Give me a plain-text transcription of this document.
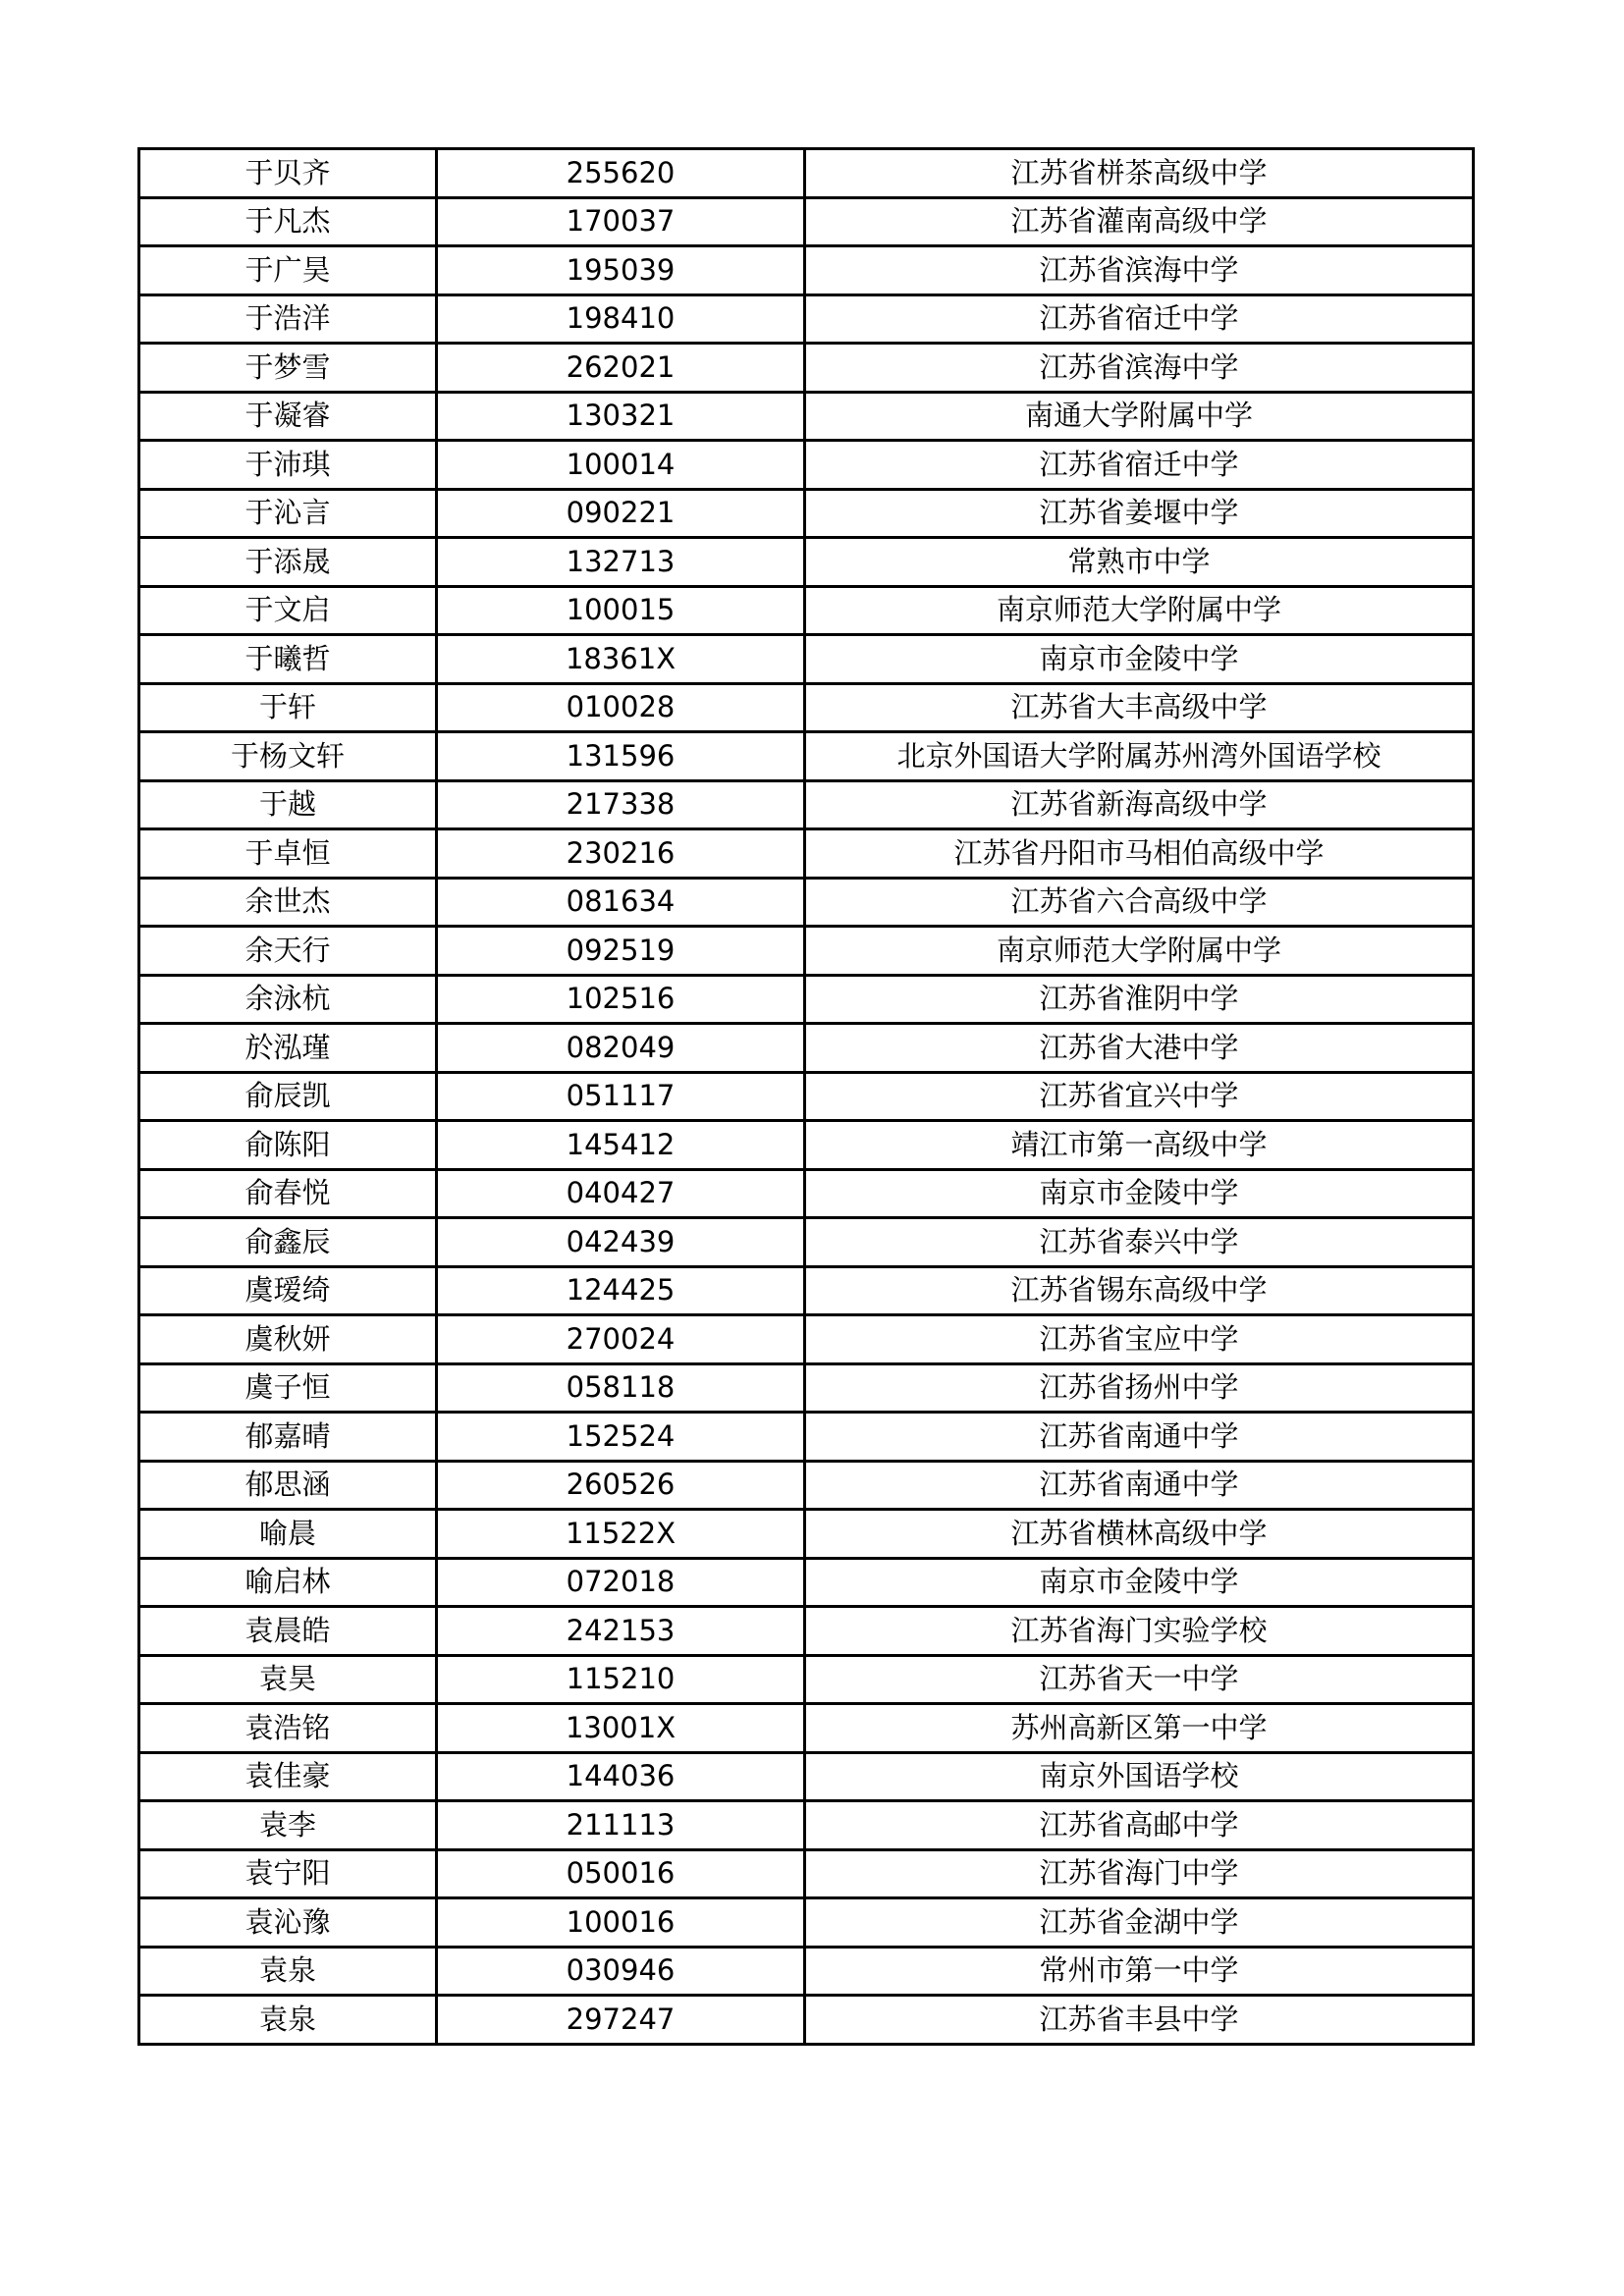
于贝齐	255620	江苏省栟茶高级中学
于凡杰	170037	江苏省灌南高级中学
于广昊	195039	江苏省滨海中学
于浩洋	198410	江苏省宿迁中学
于梦雪	262021	江苏省滨海中学
于凝睿	130321	南通大学附属中学
于沛琪	100014	江苏省宿迁中学
于沁言	090221	江苏省姜堰中学
于添晟	132713	常熟市中学
于文启	100015	南京师范大学附属中学
于曦哲	18361X	南京市金陵中学
于轩	010028	江苏省大丰高级中学
于杨文轩	131596	北京外国语大学附属苏州湾外国语学校
于越	217338	江苏省新海高级中学
于卓恒	230216	江苏省丹阳市马相伯高级中学
余世杰	081634	江苏省六合高级中学
余天行	092519	南京师范大学附属中学
余泳杭	102516	江苏省淮阴中学
於泓瑾	082049	江苏省大港中学
俞辰凯	051117	江苏省宜兴中学
俞陈阳	145412	靖江市第一高级中学
俞春悦	040427	南京市金陵中学
俞鑫辰	042439	江苏省泰兴中学
虞瑷绮	124425	江苏省锡东高级中学
虞秋妍	270024	江苏省宝应中学
虞子恒	058118	江苏省扬州中学
郁嘉晴	152524	江苏省南通中学
郁思涵	260526	江苏省南通中学
喻晨	11522X	江苏省横林高级中学
喻启林	072018	南京市金陵中学
袁晨皓	242153	江苏省海门实验学校
袁昊	115210	江苏省天一中学
袁浩铭	13001X	苏州高新区第一中学
袁佳豪	144036	南京外国语学校
袁李	211113	江苏省高邮中学
袁宁阳	050016	江苏省海门中学
袁沁豫	100016	江苏省金湖中学
袁泉	030946	常州市第一中学
袁泉	297247	江苏省丰县中学
